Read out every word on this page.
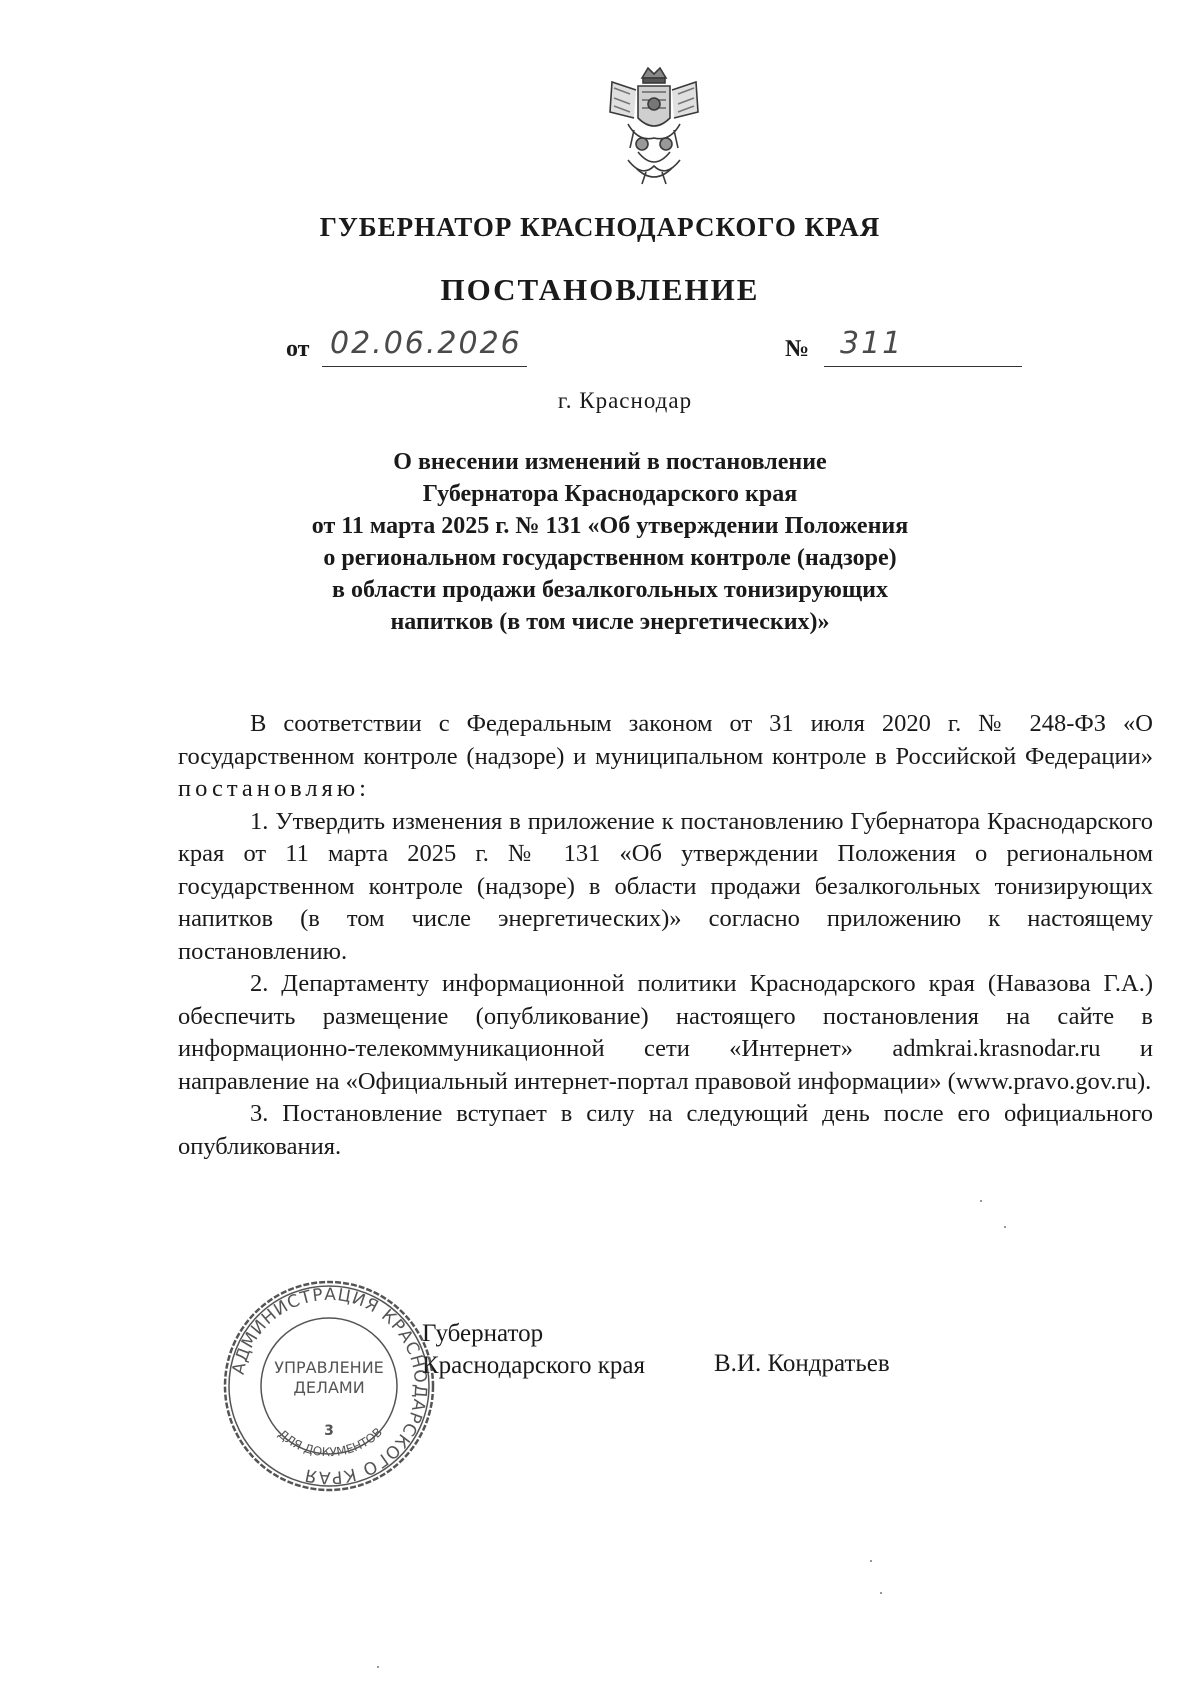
ГУБЕРНАТОР КРАСНОДАРСКОГО КРАЯ
ПОСТАНОВЛЕНИЕ
от 02.06.2026	№ 311
г. Краснодар
О внесении изменений в постановление
Губернатора Краснодарского края
от 11 марта 2025 г. № 131 «Об утверждении Положения
о региональном государственном контроле (надзоре)
в области продажи безалкогольных тонизирующих
напитков (в том числе энергетических)»

В соответствии с Федеральным законом от 31 июля 2020 г. № 248-ФЗ «О государственном контроле (надзоре) и муниципальном контроле в Российской Федерации» постановляю:

1. Утвердить изменения в приложение к постановлению Губернатора Краснодарского края от 11 марта 2025 г. № 131 «Об утверждении Положения о региональном государственном контроле (надзоре) в области продажи безалкогольных тонизирующих напитков (в том числе энергетических)» согласно приложению к настоящему постановлению.

2. Департаменту информационной политики Краснодарского края (Навазова Г.А.) обеспечить размещение (опубликование) настоящего постановления на сайте в информационно-телекоммуникационной сети «Интернет» admkrai.krasnodar.ru и направление на «Официальный интернет-портал правовой информации» (www.pravo.gov.ru).

3. Постановление вступает в силу на следующий день после его официального опубликования.

Губернатор
Краснодарского края	В.И. Кондратьев
АДМИНИСТРАЦИЯ КРАСНОДАРСКОГО КРАЯ
УПРАВЛЕНИЕ
ДЕЛАМИ
3
ДЛЯ ДОКУМЕНТОВ
